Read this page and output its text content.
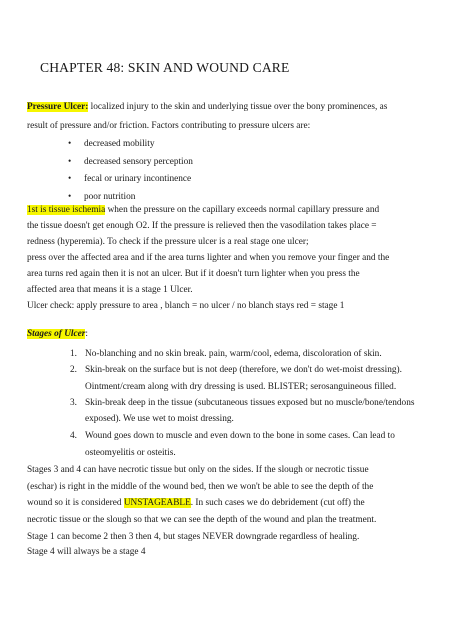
CHAPTER 48: SKIN AND WOUND CARE
Pressure Ulcer: localized injury to the skin and underlying tissue over the bony prominences, as
result of pressure and/or friction. Factors contributing to pressure ulcers are:
• decreased mobility
• decreased sensory perception
• fecal or urinary incontinence
• poor nutrition
1st is tissue ischemia when the pressure on the capillary exceeds normal capillary pressure and
the tissue doesn't get enough O2. If the pressure is relieved then the vasodilation takes place =
redness (hyperemia). To check if the pressure ulcer is a real stage one ulcer;
press over the affected area and if the area turns lighter and when you remove your finger and the
area turns red again then it is not an ulcer. But if it doesn't turn lighter when you press the
affected area that means it is a stage 1 Ulcer.
Ulcer check: apply pressure to area , blanch = no ulcer / no blanch stays red = stage 1
Stages of Ulcer:
1. No-blanching and no skin break. pain, warm/cool, edema, discoloration of skin.
2. Skin-break on the surface but is not deep (therefore, we don't do wet-moist dressing).
Ointment/cream along with dry dressing is used. BLISTER; serosanguineous filled.
3. Skin-break deep in the tissue (subcutaneous tissues exposed but no muscle/bone/tendons
exposed). We use wet to moist dressing.
4. Wound goes down to muscle and even down to the bone in some cases. Can lead to
osteomyelitis or osteitis.
Stages 3 and 4 can have necrotic tissue but only on the sides. If the slough or necrotic tissue
(eschar) is right in the middle of the wound bed, then we won't be able to see the depth of the
wound so it is considered UNSTAGEABLE. In such cases we do debridement (cut off) the
necrotic tissue or the slough so that we can see the depth of the wound and plan the treatment.
Stage 1 can become 2 then 3 then 4, but stages NEVER downgrade regardless of healing.
Stage 4 will always be a stage 4
